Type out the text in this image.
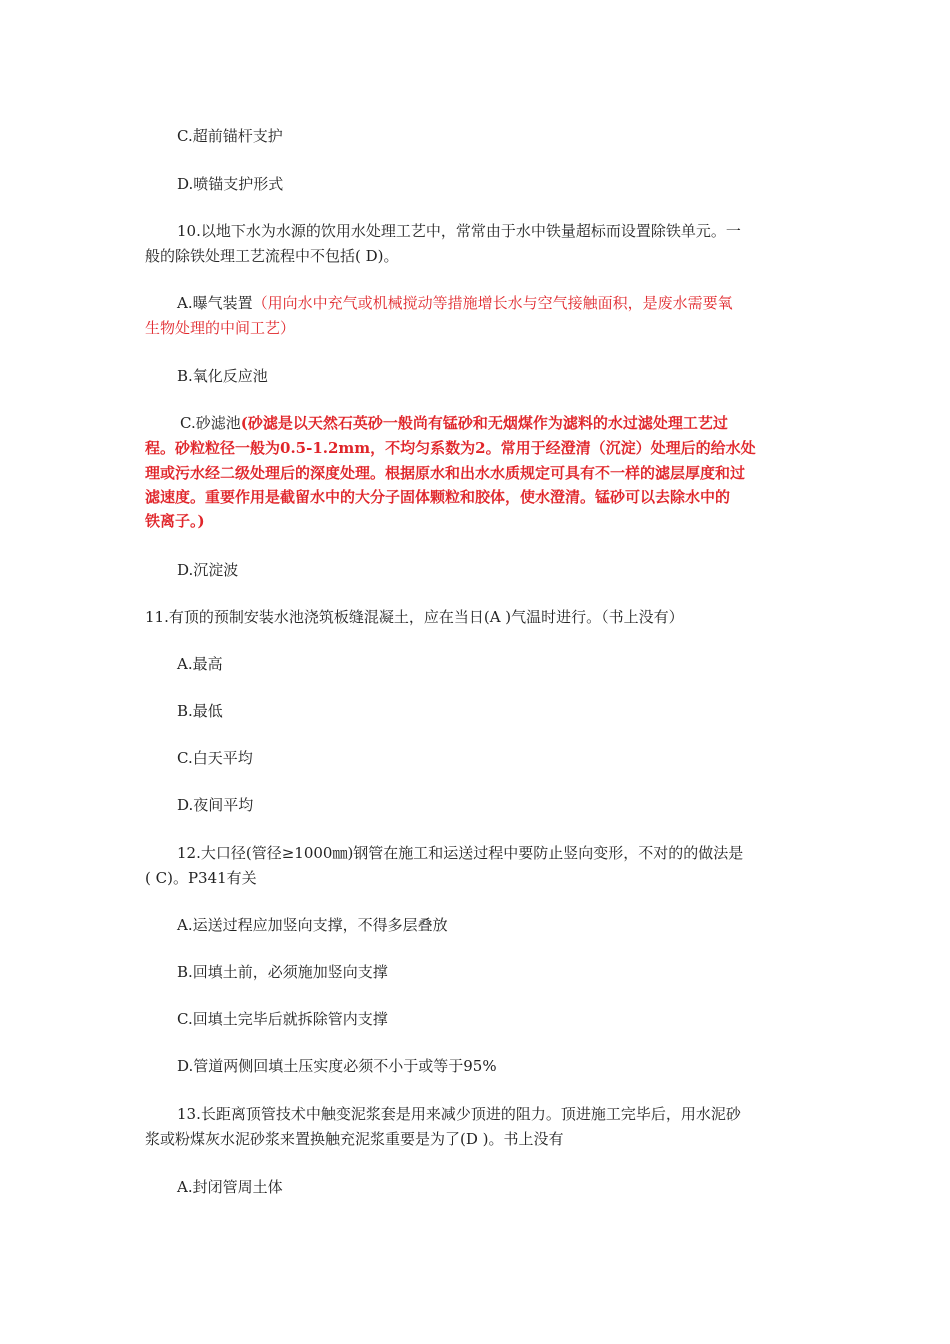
C.超前锚杆支护

D.喷锚支护形式

10.以地下水为水源的饮用水处理工艺中，常常由于水中铁量超标而设置除铁单元。一

般的除铁处理工艺流程中不包括( D)。

A.曝气装置（用向水中充气或机械搅动等措施增长水与空气接触面积，是废水需要氧

生物处理的中间工艺）

B.氧化反应池

C.砂滤池(砂滤是以天然石英砂一般尚有锰砂和无烟煤作为滤料的水过滤处理工艺过

程。砂粒粒径一般为0.5-1.2mm，不均匀系数为2。常用于经澄清（沉淀）处理后的给水处

理或污水经二级处理后的深度处理。根据原水和出水水质规定可具有不一样的滤层厚度和过

滤速度。重要作用是截留水中的大分子固体颗粒和胶体，使水澄清。锰砂可以去除水中的

铁离子。)

D.沉淀波

11.有顶的预制安装水池浇筑板缝混凝土，应在当日(A )气温时进行。（书上没有）

A.最高

B.最低

C.白天平均

D.夜间平均

12.大口径(管径≥1000㎜)钢管在施工和运送过程中要防止竖向变形，不对的的做法是

( C)。P341有关

A.运送过程应加竖向支撑，不得多层叠放

B.回填土前，必须施加竖向支撑

C.回填土完毕后就拆除管内支撑

D.管道两侧回填土压实度必须不小于或等于95%

13.长距离顶管技术中触变泥浆套是用来减少顶进的阻力。顶进施工完毕后，用水泥砂

浆或粉煤灰水泥砂浆来置换触充泥浆重要是为了(D )。书上没有

A.封闭管周土体
